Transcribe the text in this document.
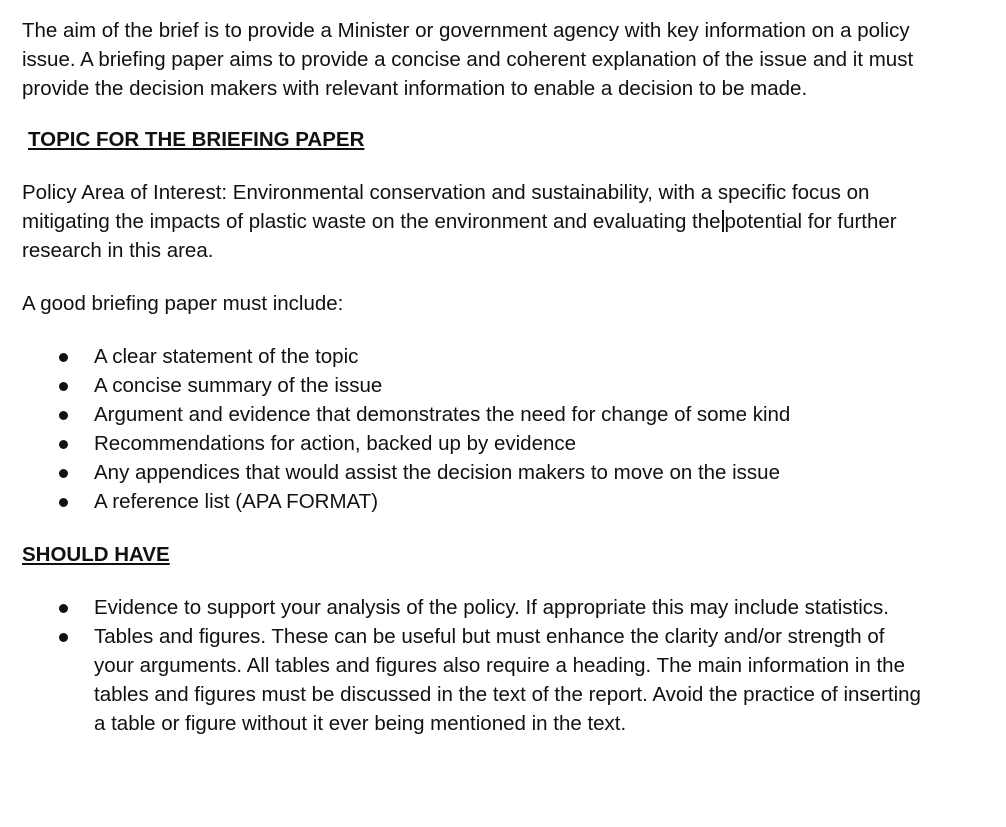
The aim of the brief is to provide a Minister or government agency with key information on a policy issue. A briefing paper aims to provide a concise and coherent explanation of the issue and it must provide the decision makers with relevant information to enable a decision to be made.

TOPIC FOR THE BRIEFING PAPER

Policy Area of Interest: Environmental conservation and sustainability, with a specific focus on mitigating the impacts of plastic waste on the environment and evaluating the potential for further research in this area.

A good briefing paper must include:

A clear statement of the topic
A concise summary of the issue
Argument and evidence that demonstrates the need for change of some kind
Recommendations for action, backed up by evidence
Any appendices that would assist the decision makers to move on the issue
A reference list (APA FORMAT)

SHOULD HAVE

Evidence to support your analysis of the policy. If appropriate this may include statistics.
Tables and figures. These can be useful but must enhance the clarity and/or strength of your arguments. All tables and figures also require a heading. The main information in the tables and figures must be discussed in the text of the report. Avoid the practice of inserting a table or figure without it ever being mentioned in the text.
